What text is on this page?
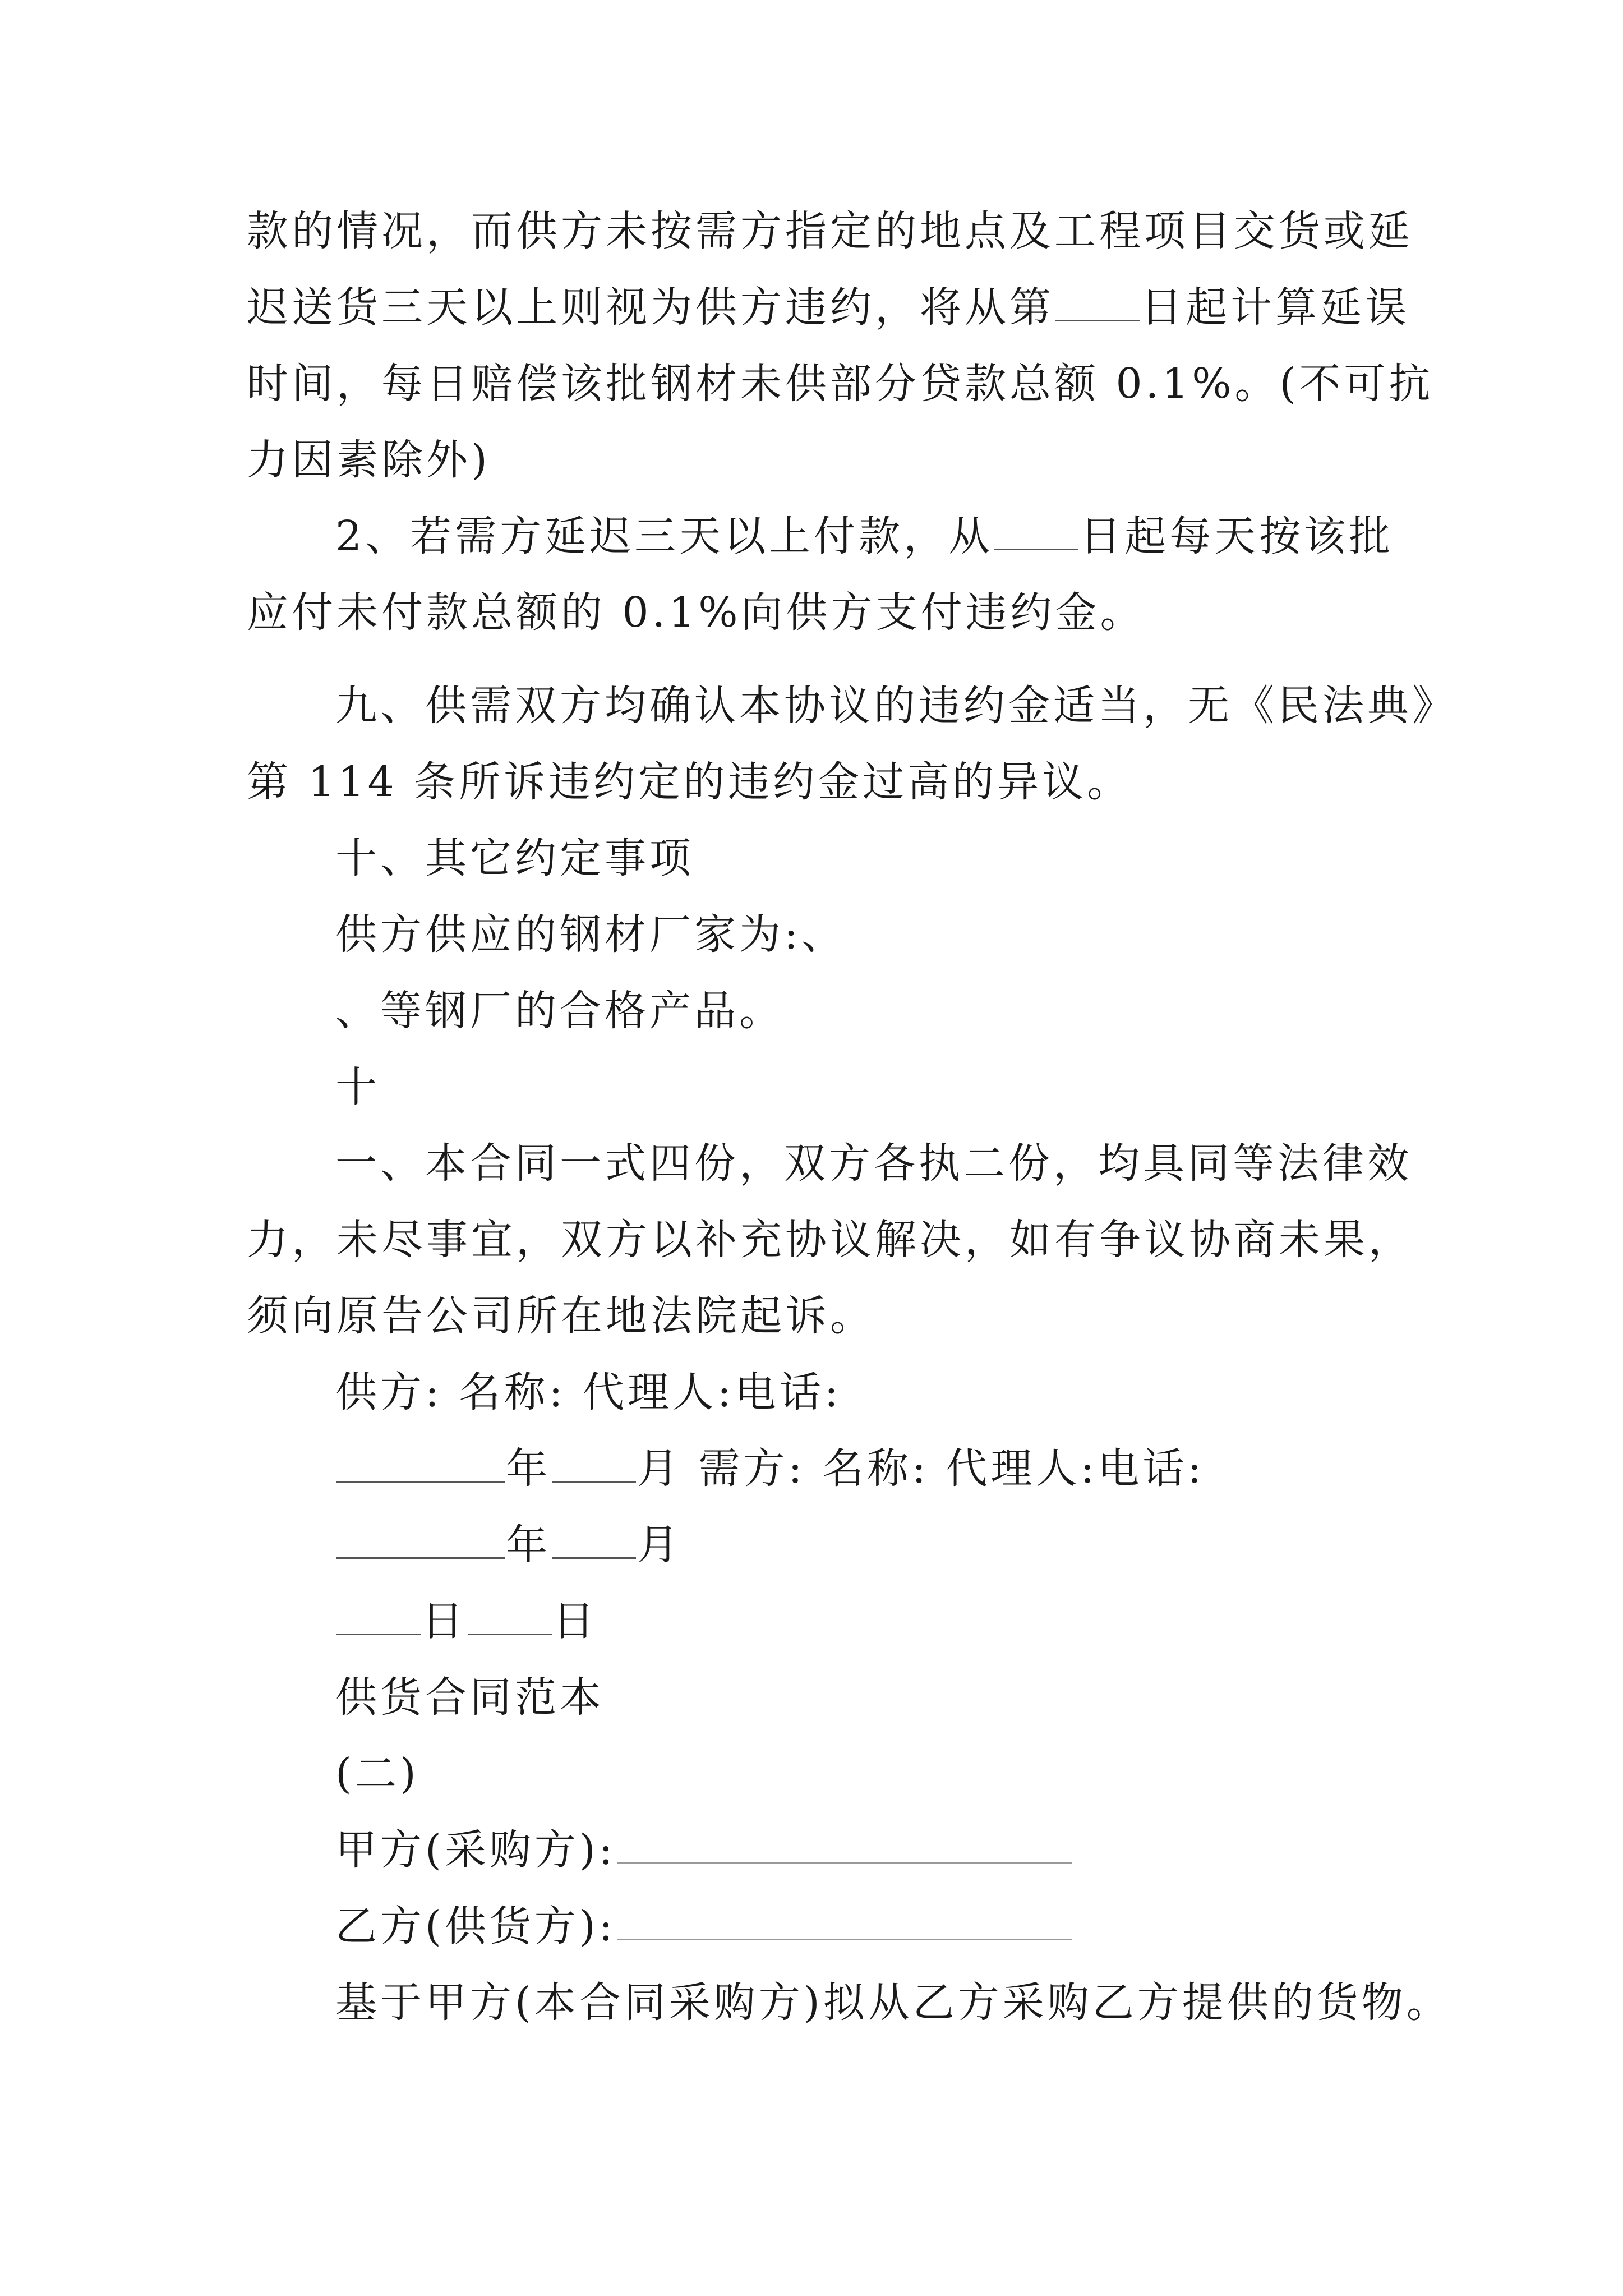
款的情况，而供方未按需方指定的地点及工程项目交货或延
迟送货三天以上则视为供方违约，将从第 日起计算延误
时间，每日赔偿该批钢材未供部分贷款总额 0.1%。(不可抗
力因素除外)
2、若需方延迟三天以上付款，从 日起每天按该批
应付未付款总额的 0.1%向供方支付违约金。
九、供需双方均确认本协议的违约金适当，无《民法典》
第 114 条所诉违约定的违约金过高的异议。
十、其它约定事项
供方供应的钢材厂家为:、
、等钢厂的合格产品。
十
一、本合同一式四份，双方各执二份，均具同等法律效
力，未尽事宜，双方以补充协议解决，如有争议协商未果，
须向原告公司所在地法院起诉。
供方: 名称: 代理人:电话:
年 月 需方: 名称: 代理人:电话:
年 月
日 日
供货合同范本
(二)
甲方(采购方):
乙方(供货方):
基于甲方(本合同采购方)拟从乙方采购乙方提供的货物。
